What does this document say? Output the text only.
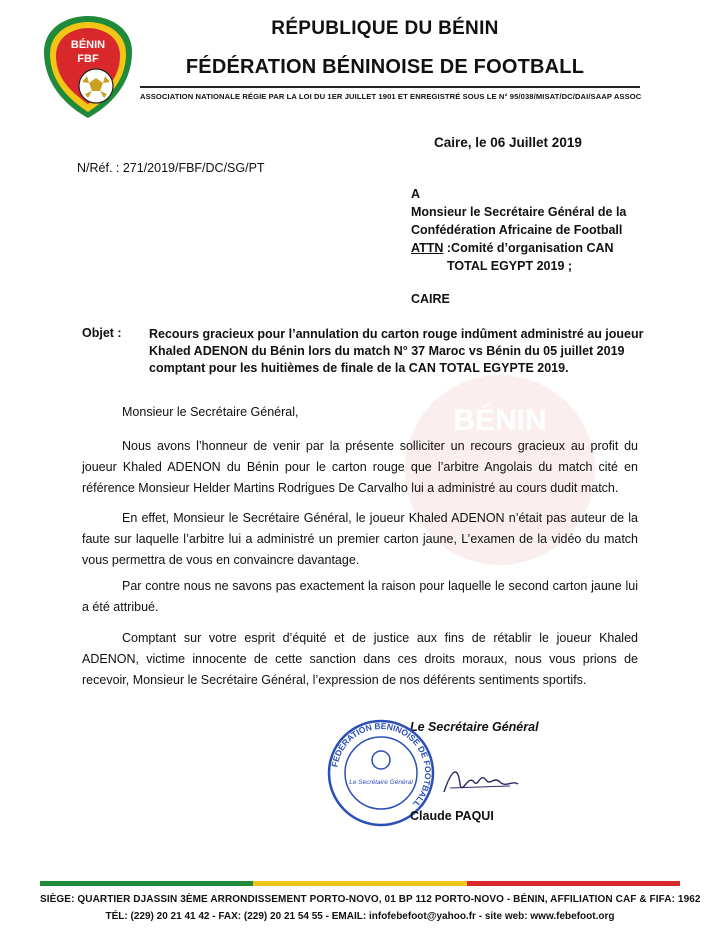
BÉNIN
BÉNIN
FBF
RÉPUBLIQUE DU BÉNIN
FÉDÉRATION BÉNINOISE DE FOOTBALL
ASSOCIATION NATIONALE RÉGIE PAR LA LOI DU 1ER JUILLET 1901 ET ENREGISTRÉ SOUS LE N° 95/038/MISAT/DC/DAI/SAAP ASSOC
Caire, le 06 Juillet 2019
N/Réf. : 271/2019/FBF/DC/SG/PT
A
Monsieur le Secrétaire Général de la
Confédération Africaine de Football
ATTN :Comité d’organisation CAN
TOTAL EGYPT 2019 ;
CAIRE
Objet : Recours gracieux pour l’annulation du carton rouge indûment administré au joueur
Khaled ADENON du Bénin lors du match N° 37 Maroc vs Bénin du 05 juillet 2019
comptant pour les huitièmes de finale de la CAN TOTAL EGYPTE 2019.
Monsieur le Secrétaire Général,
Nous avons l’honneur de venir par la présente solliciter un recours gracieux au profit du joueur Khaled ADENON du Bénin pour le carton rouge que l’arbitre Angolais du match cité en référence Monsieur Helder Martins Rodrigues De Carvalho lui a administré au cours dudit match.
En effet, Monsieur le Secrétaire Général, le joueur Khaled ADENON n’était pas auteur de la faute sur laquelle l’arbitre lui a administré un premier carton jaune, L’examen de la vidéo du match vous permettra de vous en convaincre davantage.
Par contre nous ne savons pas exactement la raison pour laquelle le second carton jaune lui a été attribué.
Comptant sur votre esprit d’équité et de justice aux fins de rétablir le joueur Khaled ADENON, victime innocente de cette sanction dans ces droits moraux, nous vous prions de recevoir, Monsieur le Secrétaire Général, l’expression de nos déférents sentiments sportifs.
Le Secrétaire Général
FÉDÉRATION BÉNINOISE DE FOOTBALL
Le Secrétaire Général
Claude PAQUI
SIÈGE: QUARTIER DJASSIN 3ÈME ARRONDISSEMENT PORTO-NOVO, 01 BP 112 PORTO-NOVO - BÉNIN, AFFILIATION CAF & FIFA: 1962
TÉL: (229) 20 21 41 42 - FAX: (229) 20 21 54 55 - EMAIL: infofebefoot@yahoo.fr - site web: www.febefoot.org
